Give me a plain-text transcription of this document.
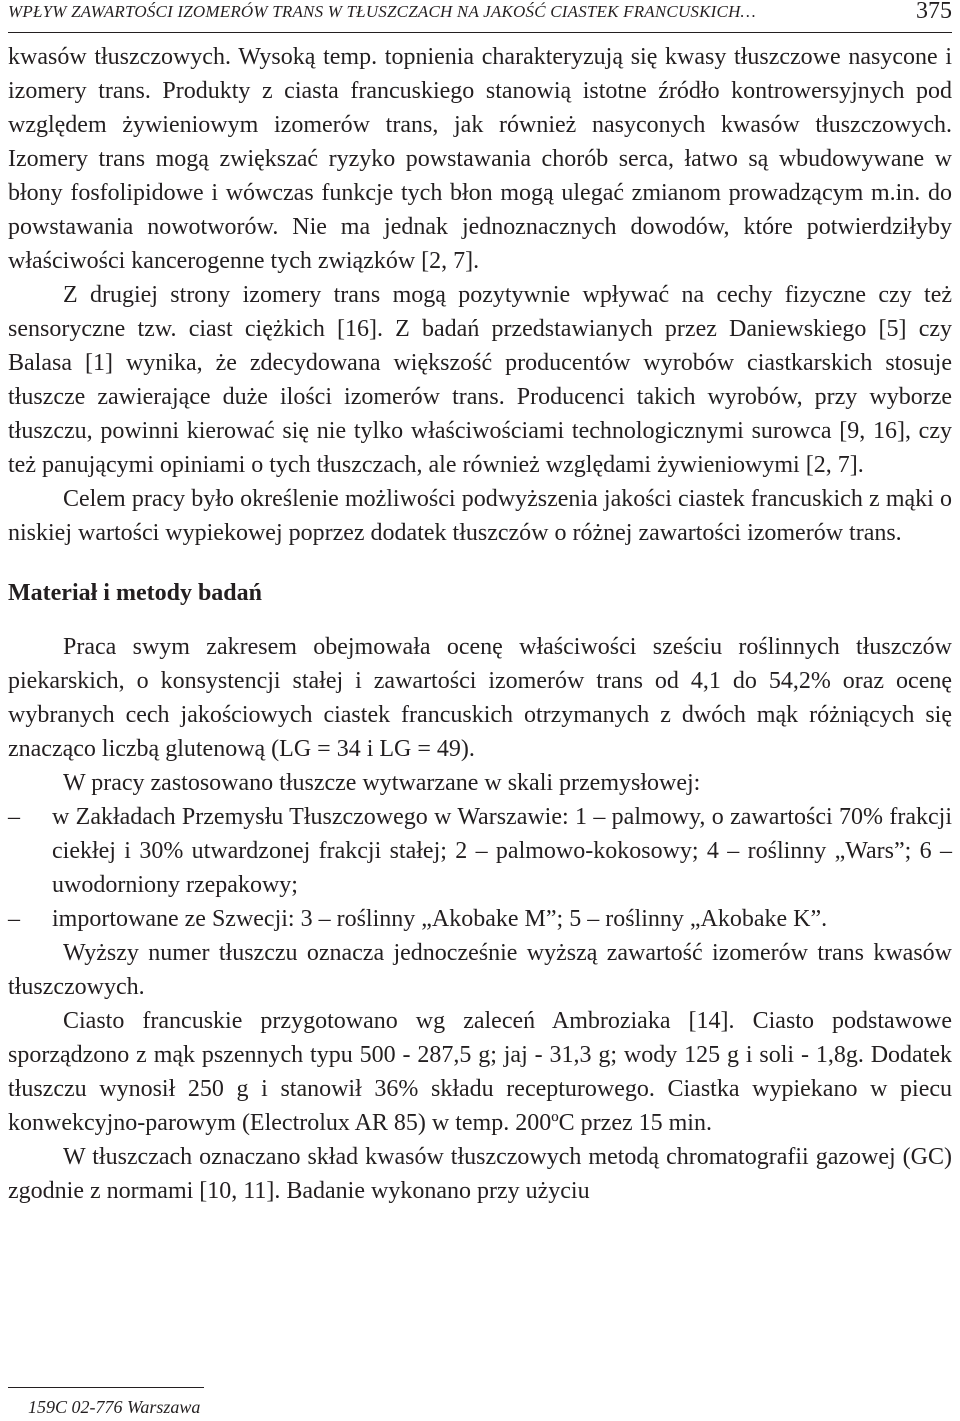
WPŁYW ZAWARTOŚCI IZOMERÓW TRANS W TŁUSZCZACH NA JAKOŚĆ CIASTEK FRANCUSKICH…	375

kwasów tłuszczowych. Wysoką temp. topnienia charakteryzują się kwasy tłuszczowe nasycone i izomery trans. Produkty z ciasta francuskiego stanowią istotne źródło kontrowersyjnych pod względem żywieniowym izomerów trans, jak również nasyconych kwasów tłuszczowych. Izomery trans mogą zwiększać ryzyko powstawania chorób serca, łatwo są wbudowywane w błony fosfolipidowe i wówczas funkcje tych błon mogą ulegać zmianom prowadzącym m.in. do powstawania nowotworów. Nie ma jednak jednoznacznych dowodów, które potwierdziłyby właściwości kancerogenne tych związków [2, 7].

Z drugiej strony izomery trans mogą pozytywnie wpływać na cechy fizyczne czy też sensoryczne tzw. ciast ciężkich [16]. Z badań przedstawianych przez Daniewskiego [5] czy Balasa [1] wynika, że zdecydowana większość producentów wyrobów ciastkarskich stosuje tłuszcze zawierające duże ilości izomerów trans. Producenci takich wyrobów, przy wyborze tłuszczu, powinni kierować się nie tylko właściwościami technologicznymi surowca [9, 16], czy też panującymi opiniami o tych tłuszczach, ale również względami żywieniowymi [2, 7].

Celem pracy było określenie możliwości podwyższenia jakości ciastek francuskich z mąki o niskiej wartości wypiekowej poprzez dodatek tłuszczów o różnej zawartości izomerów trans.

Materiał i metody badań

Praca swym zakresem obejmowała ocenę właściwości sześciu roślinnych tłuszczów piekarskich, o konsystencji stałej i zawartości izomerów trans od 4,1 do 54,2% oraz ocenę wybranych cech jakościowych ciastek francuskich otrzymanych z dwóch mąk różniących się znacząco liczbą glutenową (LG = 34 i LG = 49).

W pracy zastosowano tłuszcze wytwarzane w skali przemysłowej:

– w Zakładach Przemysłu Tłuszczowego w Warszawie: 1 – palmowy, o zawartości 70% frakcji ciekłej i 30% utwardzonej frakcji stałej; 2 – palmowo-kokosowy; 4 – roślinny „Wars”; 6 – uwodorniony rzepakowy;
– importowane ze Szwecji: 3 – roślinny „Akobake M”; 5 – roślinny „Akobake K”.

Wyższy numer tłuszczu oznacza jednocześnie wyższą zawartość izomerów trans kwasów tłuszczowych.

Ciasto francuskie przygotowano wg zaleceń Ambroziaka [14]. Ciasto podstawowe sporządzono z mąk pszennych typu 500 - 287,5 g; jaj - 31,3 g; wody 125 g i soli - 1,8g. Dodatek tłuszczu wynosił 250 g i stanowił 36% składu recepturowego. Ciastka wypiekano w piecu konwekcyjno-parowym (Electrolux AR 85) w temp. 200ºC przez 15 min.

W tłuszczach oznaczano skład kwasów tłuszczowych metodą chromatografii gazowej (GC) zgodnie z normami [10, 11]. Badanie wykonano przy użyciu

159C 02-776 Warszawa
